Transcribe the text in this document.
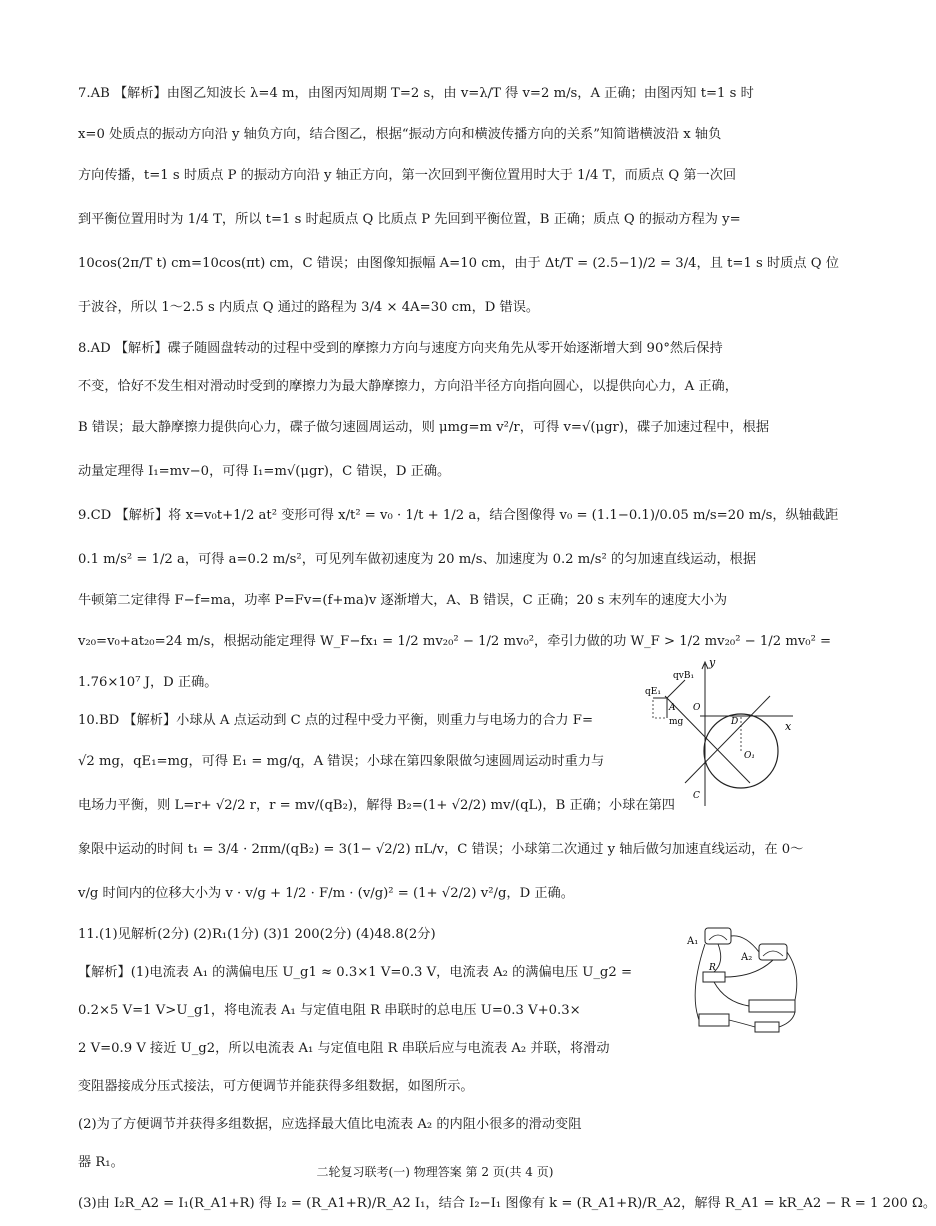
7.AB 【解析】由图乙知波长 λ=4 m，由图丙知周期 T=2 s，由 v=λ/T 得 v=2 m/s，A 正确；由图丙知 t=1 s 时
x=0 处质点的振动方向沿 y 轴负方向，结合图乙，根据“振动方向和横波传播方向的关系”知简谐横波沿 x 轴负
方向传播，t=1 s 时质点 P 的振动方向沿 y 轴正方向，第一次回到平衡位置用时大于 1/4 T，而质点 Q 第一次回
到平衡位置用时为 1/4 T，所以 t=1 s 时起质点 Q 比质点 P 先回到平衡位置，B 正确；质点 Q 的振动方程为 y=
10cos(2π/T t) cm=10cos(πt) cm，C 错误；由图像知振幅 A=10 cm，由于 Δt/T = (2.5−1)/2 = 3/4，且 t=1 s 时质点 Q 位
于波谷，所以 1～2.5 s 内质点 Q 通过的路程为 3/4 × 4A=30 cm，D 错误。
8.AD 【解析】碟子随圆盘转动的过程中受到的摩擦力方向与速度方向夹角先从零开始逐渐增大到 90°然后保持
不变，恰好不发生相对滑动时受到的摩擦力为最大静摩擦力，方向沿半径方向指向圆心，以提供向心力，A 正确，
B 错误；最大静摩擦力提供向心力，碟子做匀速圆周运动，则 μmg=m v²/r，可得 v=√(μgr)，碟子加速过程中，根据
动量定理得 I₁=mv−0，可得 I₁=m√(μgr)，C 错误，D 正确。
9.CD 【解析】将 x=v₀t+1/2 at² 变形可得 x/t² = v₀ · 1/t + 1/2 a，结合图像得 v₀ = (1.1−0.1)/0.05 m/s=20 m/s，纵轴截距
0.1 m/s² = 1/2 a，可得 a=0.2 m/s²，可见列车做初速度为 20 m/s、加速度为 0.2 m/s² 的匀加速直线运动，根据
牛顿第二定律得 F−f=ma，功率 P=Fv=(f+ma)v 逐渐增大，A、B 错误，C 正确；20 s 末列车的速度大小为
v₂₀=v₀+at₂₀=24 m/s，根据动能定理得 W_F−fx₁ = 1/2 mv₂₀² − 1/2 mv₀²，牵引力做的功 W_F > 1/2 mv₂₀² − 1/2 mv₀² =
1.76×10⁷ J，D 正确。
10.BD 【解析】小球从 A 点运动到 C 点的过程中受力平衡，则重力与电场力的合力 F=
√2 mg，qE₁=mg，可得 E₁ = mg/q，A 错误；小球在第四象限做匀速圆周运动时重力与
电场力平衡，则 L=r+ √2/2 r，r = mv/(qB₂)，解得 B₂=(1+ √2/2) mv/(qL)，B 正确；小球在第四
象限中运动的时间 t₁ = 3/4 · 2πm/(qB₂) = 3(1− √2/2) πL/v，C 错误；小球第二次通过 y 轴后做匀加速直线运动，在 0～
v/g 时间内的位移大小为 v · v/g + 1/2 · F/m · (v/g)² = (1+ √2/2) v²/g，D 正确。
11.(1)见解析(2分) (2)R₁(1分) (3)1 200(2分) (4)48.8(2分)
【解析】(1)电流表 A₁ 的满偏电压 U_g1 ≈ 0.3×1 V=0.3 V，电流表 A₂ 的满偏电压 U_g2 =
0.2×5 V=1 V>U_g1，将电流表 A₁ 与定值电阻 R 串联时的总电压 U=0.3 V+0.3×
2 V=0.9 V 接近 U_g2，所以电流表 A₁ 与定值电阻 R 串联后应与电流表 A₂ 并联，将滑动
变阻器接成分压式接法，可方便调节并能获得多组数据，如图所示。
(2)为了方便调节并获得多组数据，应选择最大值比电流表 A₂ 的内阻小很多的滑动变阻
器 R₁。
(3)由 I₂R_A2 = I₁(R_A1+R) 得 I₂ = (R_A1+R)/R_A2 I₁，结合 I₂−I₁ 图像有 k = (R_A1+R)/R_A2，解得 R_A1 = kR_A2 − R = 1 200 Ω。
y
x
qvB₁
qE₁
A
mg
O
D
O₁
C
A₁
A₂
R
二轮复习联考(一) 物理答案 第 2 页(共 4 页)
